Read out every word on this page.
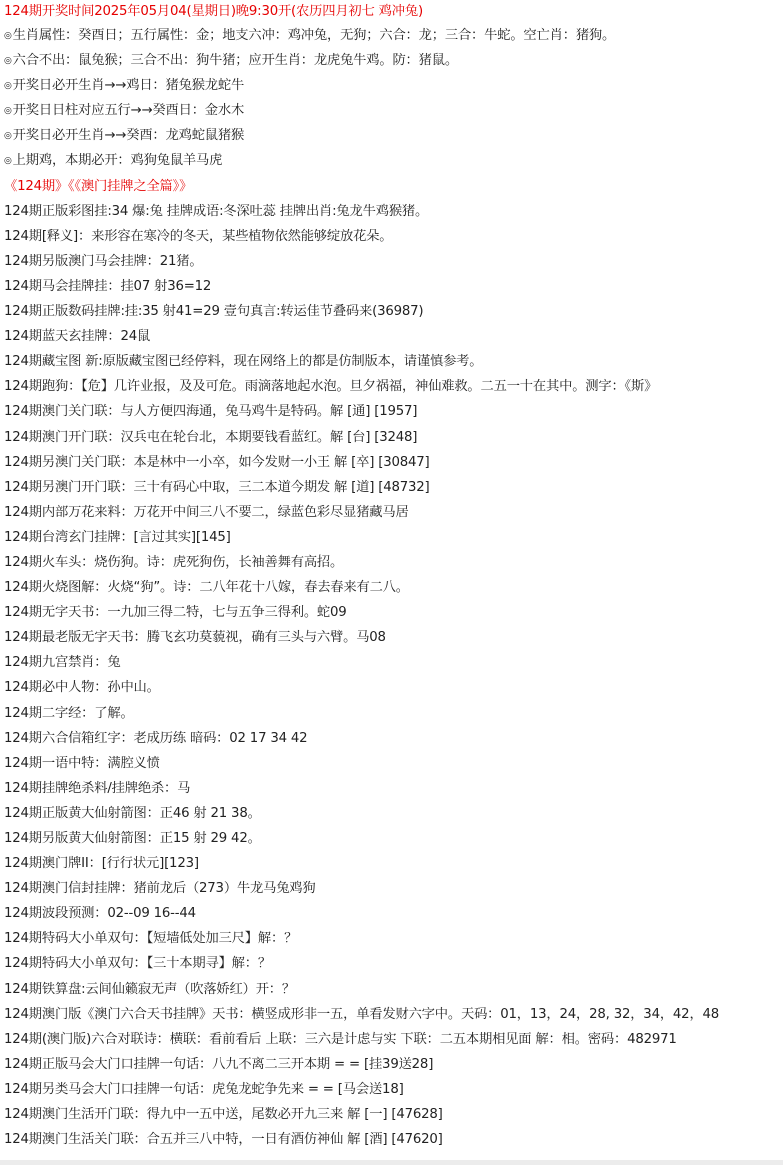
124期开奖时间2025年05月04(星期日)晚9:30开(农历四月初七 鸡冲兔)
◎生肖属性：癸酉日；五行属性：金；地支六冲：鸡冲兔，无狗；六合：龙；三合：牛蛇。空亡肖：猪狗。
◎六合不出：鼠兔猴；三合不出：狗牛猪；应开生肖：龙虎兔牛鸡。防：猪鼠。
◎开奖日必开生肖→→鸡日：猪兔猴龙蛇牛
◎开奖日日柱对应五行→→癸酉日：金水木
◎开奖日必开生肖→→癸酉：龙鸡蛇鼠猪猴
◎上期鸡，本期必开：鸡狗兔鼠羊马虎
《124期》《《澳门挂牌之全篇》》
124期正版彩图挂:34 爆:兔 挂牌成语:冬深吐蕊 挂牌出肖:兔龙牛鸡猴猪。
124期[释义]：来形容在寒冷的冬天，某些植物依然能够绽放花朵。
124期另版澳门马会挂牌：21猪。
124期马会挂牌挂：挂07 射36=12
124期正版数码挂牌:挂:35 射41=29 壹句真言:转运佳节叠码来(36987)
124期蓝天玄挂牌：24鼠
124期藏宝图 新:原版藏宝图已经停料，现在网络上的都是仿制版本，请谨慎参考。
124期跑狗：【危】几许业报，及及可危。雨滴落地起水泡。旦夕祸福，神仙难救。二五一十在其中。测字：《斯》
124期澳门关门联：与人方便四海通，兔马鸡牛是特码。解 [通] [1957]
124期澳门开门联：汉兵屯在轮台北，本期要钱看蓝红。解 [台] [3248]
124期另澳门关门联：本是林中一小卒，如今发财一小王 解 [卒] [30847]
124期另澳门开门联：三十有码心中取，三二本道今期发 解 [道] [48732]
124期内部万花来料：万花开中间三八不要二，绿蓝色彩尽显猪藏马居
124期台湾玄门挂牌：[言过其实][145]
124期火车头：烧伤狗。诗：虎死狗伤，长袖善舞有高招。
124期火烧图解：火烧“狗”。诗：二八年花十八嫁，春去春来有二八。
124期无字天书：一九加三得二特，七与五争三得利。蛇09
124期最老版无字天书：腾飞玄功莫藐视，确有三头与六臂。马08
124期九宫禁肖：兔
124期必中人物：孙中山。
124期二字经：了解。
124期六合信箱红字：老成历练 暗码：02 17 34 42
124期一语中特：满腔义愤
124期挂牌绝杀料/挂牌绝杀：马
124期正版黄大仙射箭图：正46 射 21 38。
124期另版黄大仙射箭图：正15 射 29 42。
124期澳门牌II：[行行状元][123]
124期澳门信封挂牌：猪前龙后（273）牛龙马兔鸡狗
124期波段预测：02--09 16--44
124期特码大小单双句：【短墙低处加三尺】解：？
124期特码大小单双句：【三十本期寻】解：？
124期铁算盘:云间仙籁寂无声（吹落娇红）开：？
124期澳门版《澳门六合天书挂牌》天书：横竖成形非一五，单看发财六字中。天码：01，13，24，28, 32，34，42，48
124期(澳门版)六合对联诗：横联：看前看后 上联：三六是计虑与实 下联：二五本期相见面 解：相。密码：482971
124期正版马会大门口挂牌一句话：八九不离二三开本期 = = [挂39送28]
124期另类马会大门口挂牌一句话：虎兔龙蛇争先来 = = [马会送18]
124期澳门生活开门联：得九中一五中送，尾数必开九三来 解 [一] [47628]
124期澳门生活关门联：合五并三八中特，一日有酒仿神仙 解 [酒] [47620]
